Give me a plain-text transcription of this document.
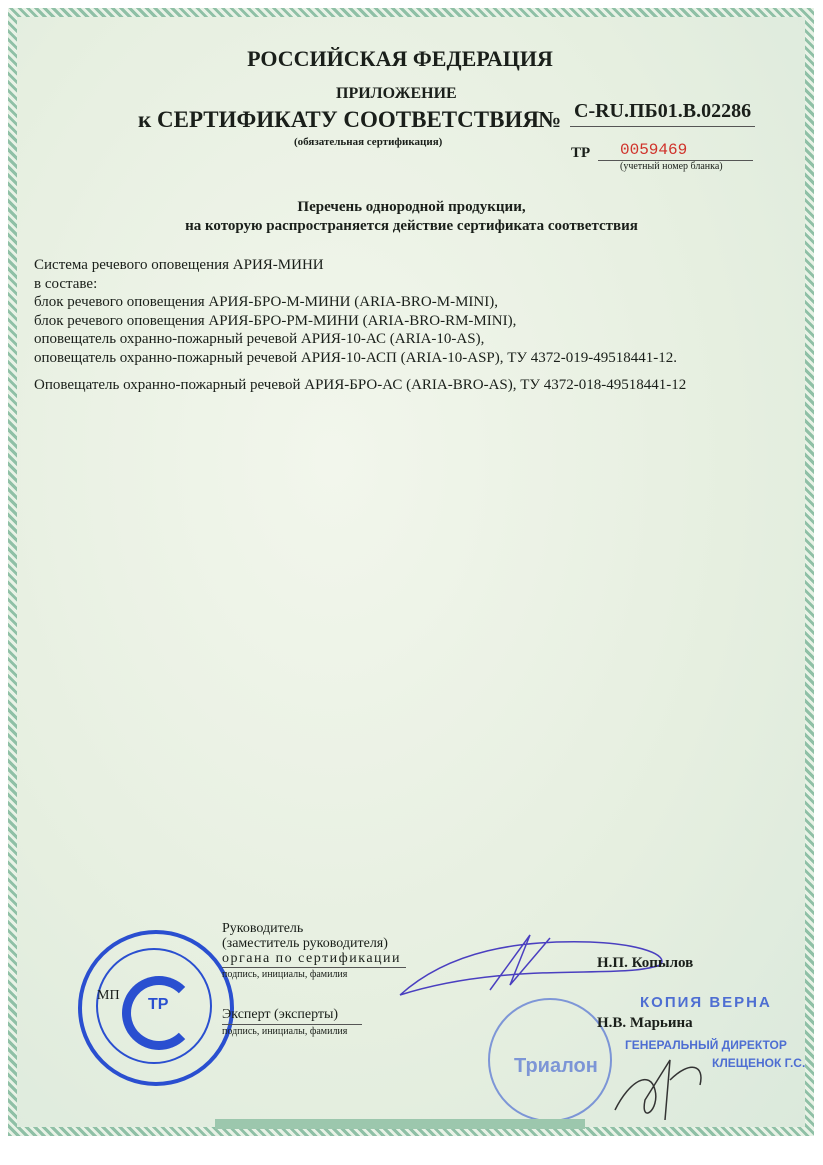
РОССИЙСКАЯ ФЕДЕРАЦИЯ
ПРИЛОЖЕНИЕ
к СЕРТИФИКАТУ СООТВЕТСТВИЯ № C-RU.ПБ01.В.02286
(обязательная сертификация)
ТР 0059469
(учетный номер бланка)
Перечень однородной продукции,
на которую распространяется действие сертификата соответствия
Система речевого оповещения АРИЯ-МИНИ
в составе:
блок речевого оповещения АРИЯ-БРО-М-МИНИ (ARIA-BRO-M-MINI),
блок речевого оповещения АРИЯ-БРО-РМ-МИНИ (ARIA-BRO-RM-MINI),
оповещатель охранно-пожарный речевой АРИЯ-10-АС (ARIA-10-AS),
оповещатель охранно-пожарный речевой АРИЯ-10-АСП (ARIA-10-ASP), ТУ 4372-019-49518441-12.
Оповещатель охранно-пожарный речевой АРИЯ-БРО-АС (ARIA-BRO-AS), ТУ 4372-018-49518441-12
ТР
Руководитель
(заместитель руководителя)
органа по сертификации
подпись, инициалы, фамилия
МП
Эксперт (эксперты)
подпись, инициалы, фамилия
Н.П. Копылов
Триалон
КОПИЯ ВЕРНА
Н.В. Марьина
ГЕНЕРАЛЬНЫЙ ДИРЕКТОР
КЛЕЩЕНОК Г.С.
